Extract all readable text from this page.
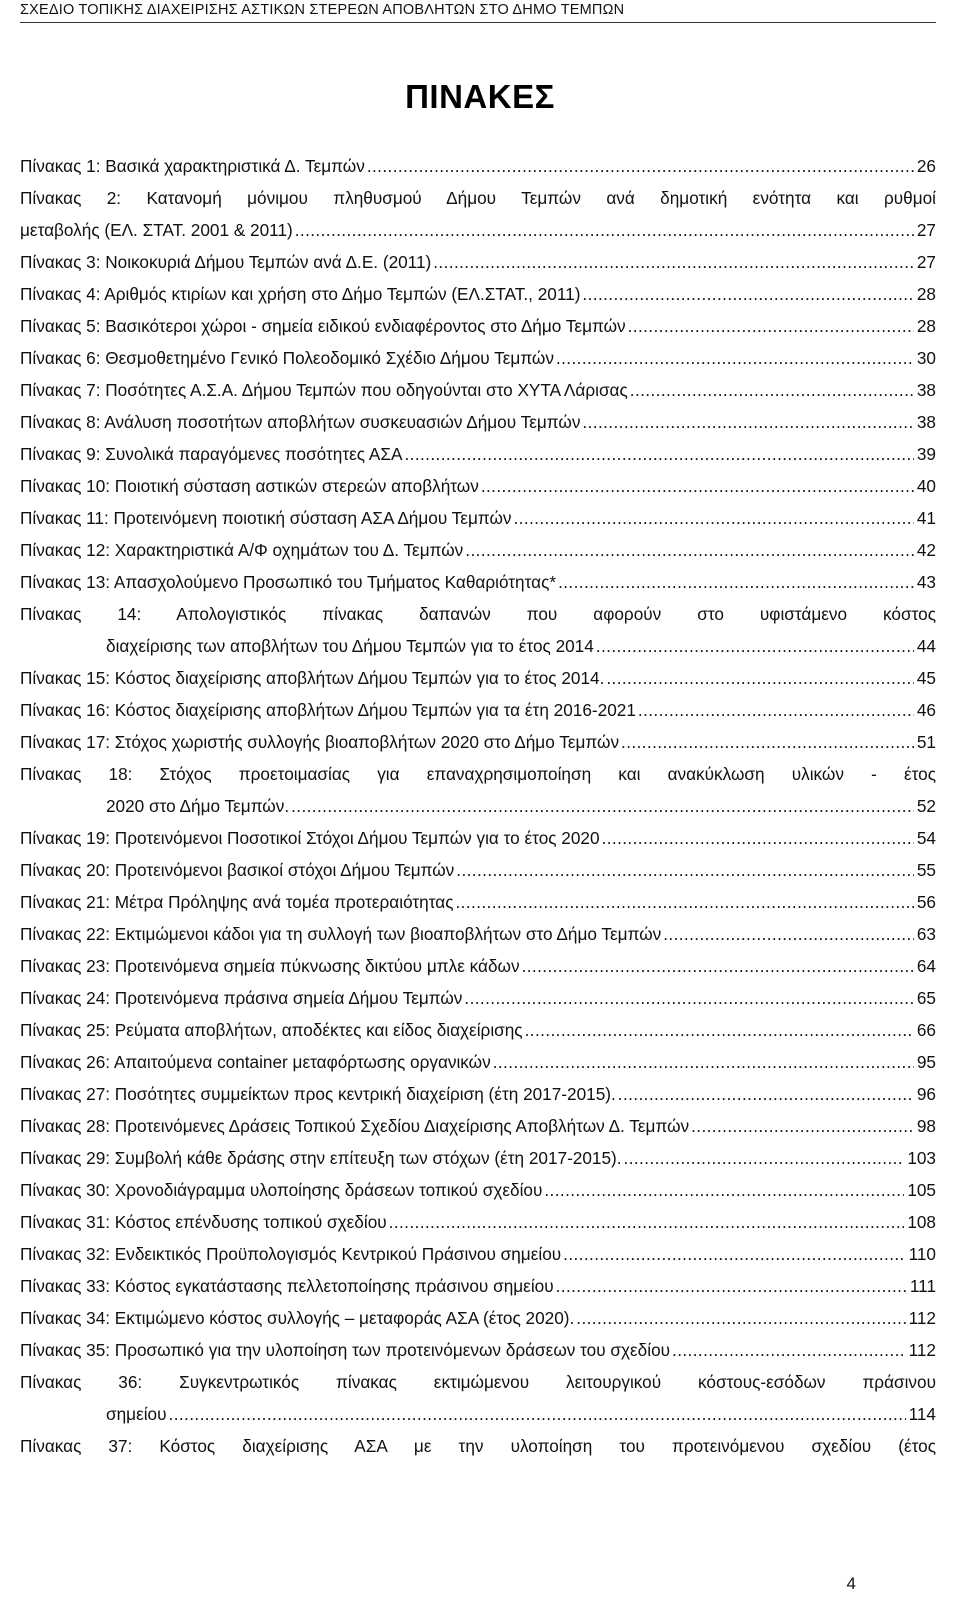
ΣΧΕΔΙΟ ΤΟΠΙΚΗΣ ΔΙΑΧΕΙΡΙΣΗΣ ΑΣΤΙΚΩΝ ΣΤΕΡΕΩΝ ΑΠΟΒΛΗΤΩΝ ΣΤΟ ΔΗΜΟ ΤΕΜΠΩΝ
ΠΙΝΑΚΕΣ
Πίνακας 1: Βασικά χαρακτηριστικά Δ. Τεμπών .....	26
Πίνακας 2: Κατανομή μόνιμου πληθυσμού Δήμου Τεμπών ανά δημοτική ενότητα και ρυθμοί
μεταβολής (ΕΛ. ΣΤΑΤ. 2001 & 2011) .....	27
Πίνακας 3: Νοικοκυριά Δήμου Τεμπών ανά Δ.Ε. (2011) .....	27
Πίνακας 4: Αριθμός κτιρίων και χρήση στο Δήμο Τεμπών (ΕΛ.ΣΤΑΤ., 2011) .....	28
Πίνακας 5: Βασικότεροι χώροι - σημεία ειδικού ενδιαφέροντος στο Δήμο Τεμπών .....	28
Πίνακας 6: Θεσμοθετημένο Γενικό Πολεοδομικό Σχέδιο Δήμου Τεμπών .....	30
Πίνακας 7: Ποσότητες Α.Σ.Α. Δήμου Τεμπών που οδηγούνται στο ΧΥΤΑ Λάρισας .....	38
Πίνακας 8: Ανάλυση ποσοτήτων αποβλήτων συσκευασιών Δήμου Τεμπών .....	38
Πίνακας 9: Συνολικά παραγόμενες ποσότητες ΑΣΑ .....	39
Πίνακας 10: Ποιοτική σύσταση αστικών στερεών αποβλήτων .....	40
Πίνακας 11: Προτεινόμενη ποιοτική σύσταση ΑΣΑ Δήμου Τεμπών .....	41
Πίνακας 12: Χαρακτηριστικά Α/Φ οχημάτων του Δ. Τεμπών .....	42
Πίνακας 13: Απασχολούμενο Προσωπικό του Τμήματος Καθαριότητας* .....	43
Πίνακας 14: Απολογιστικός πίνακας δαπανών που αφορούν στο υφιστάμενο κόστος
διαχείρισης των αποβλήτων του Δήμου Τεμπών για το έτος 2014 .....	44
Πίνακας 15: Κόστος διαχείρισης αποβλήτων Δήμου Τεμπών για το έτος 2014. .....	45
Πίνακας 16: Κόστος διαχείρισης αποβλήτων Δήμου Τεμπών για τα έτη 2016-2021 .....	46
Πίνακας 17: Στόχος χωριστής συλλογής βιοαποβλήτων 2020 στο Δήμο Τεμπών .....	51
Πίνακας 18: Στόχος προετοιμασίας για επαναχρησιμοποίηση και ανακύκλωση υλικών - έτος
2020 στο Δήμο Τεμπών. .....	52
Πίνακας 19: Προτεινόμενοι Ποσοτικοί Στόχοι Δήμου Τεμπών για το έτος 2020 .....	54
Πίνακας 20: Προτεινόμενοι βασικοί στόχοι Δήμου Τεμπών .....	55
Πίνακας 21: Μέτρα Πρόληψης ανά τομέα προτεραιότητας .....	56
Πίνακας 22: Εκτιμώμενοι κάδοι για τη συλλογή των βιοαποβλήτων στο Δήμο Τεμπών .....	63
Πίνακας 23: Προτεινόμενα σημεία πύκνωσης δικτύου μπλε κάδων .....	64
Πίνακας 24: Προτεινόμενα πράσινα σημεία Δήμου Τεμπών .....	65
Πίνακας 25: Ρεύματα αποβλήτων, αποδέκτες και είδος διαχείρισης .....	66
Πίνακας 26: Απαιτούμενα container μεταφόρτωσης οργανικών .....	95
Πίνακας 27: Ποσότητες συμμείκτων προς κεντρική διαχείριση (έτη 2017-2015). .....	96
Πίνακας 28: Προτεινόμενες Δράσεις Τοπικού Σχεδίου Διαχείρισης Αποβλήτων Δ. Τεμπών .....	98
Πίνακας 29: Συμβολή κάθε δράσης στην επίτευξη των στόχων (έτη 2017-2015). .....	103
Πίνακας 30: Χρονοδιάγραμμα υλοποίησης δράσεων τοπικού σχεδίου .....	105
Πίνακας 31: Κόστος επένδυσης τοπικού σχεδίου .....	108
Πίνακας 32: Ενδεικτικός Προϋπολογισμός Κεντρικού Πράσινου σημείου .....	110
Πίνακας 33: Κόστος εγκατάστασης πελλετοποίησης πράσινου σημείου .....	111
Πίνακας 34: Εκτιμώμενο κόστος συλλογής – μεταφοράς ΑΣΑ (έτος 2020). .....	112
Πίνακας 35: Προσωπικό για την υλοποίηση των προτεινόμενων δράσεων του σχεδίου .....	112
Πίνακας 36: Συγκεντρωτικός πίνακας εκτιμώμενου λειτουργικού κόστους-εσόδων πράσινου
σημείου .....	114
Πίνακας 37: Κόστος διαχείρισης ΑΣΑ με την υλοποίηση του προτεινόμενου σχεδίου (έτος
4
